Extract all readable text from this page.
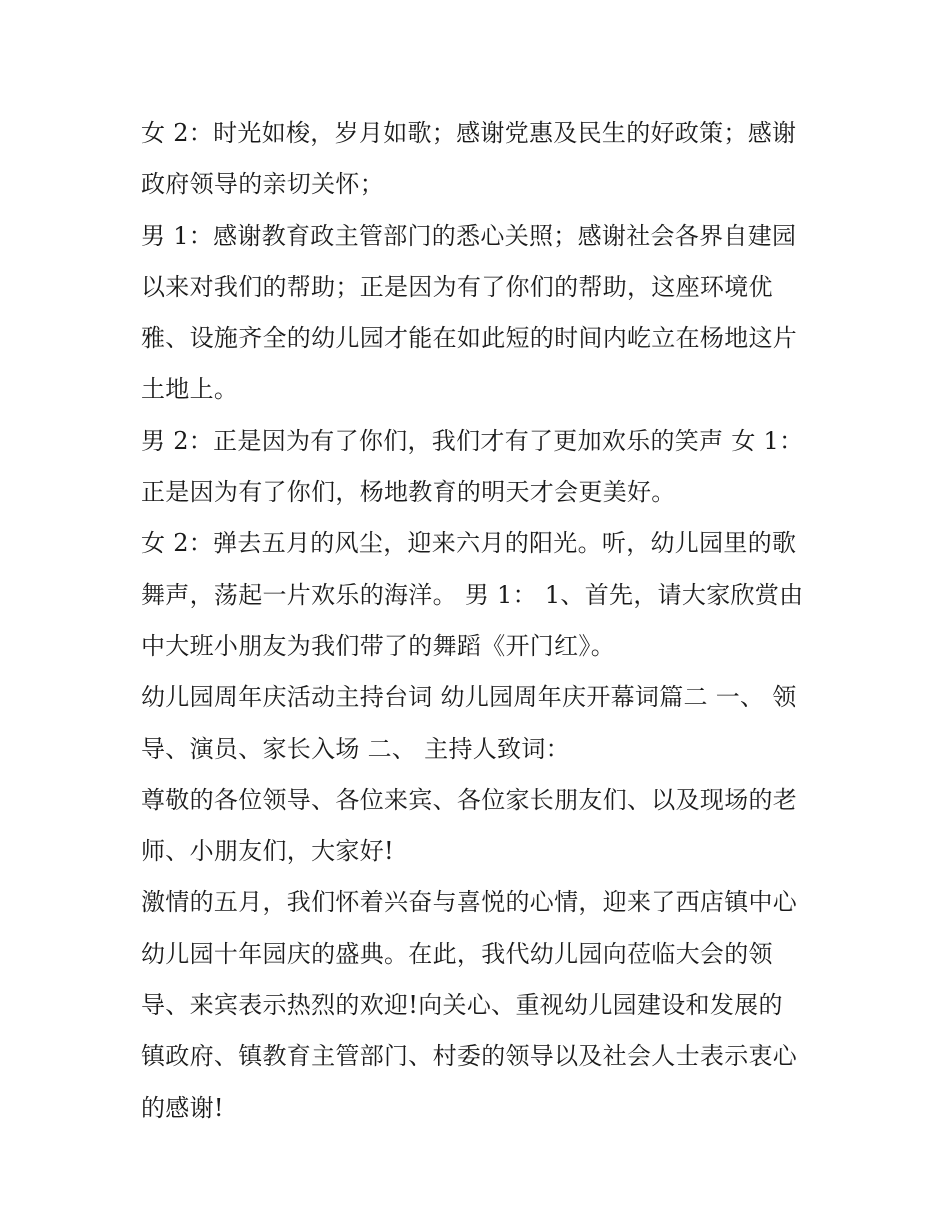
女 2：时光如梭，岁月如歌；感谢党惠及民生的好政策；感谢
政府领导的亲切关怀；

男 1：感谢教育政主管部门的悉心关照；感谢社会各界自建园
以来对我们的帮助；正是因为有了你们的帮助，这座环境优
雅、设施齐全的幼儿园才能在如此短的时间内屹立在杨地这片
土地上。

男 2：正是因为有了你们，我们才有了更加欢乐的笑声 女 1：
正是因为有了你们，杨地教育的明天才会更美好。

女 2：弹去五月的风尘，迎来六月的阳光。听，幼儿园里的歌
舞声，荡起一片欢乐的海洋。 男 1： 1、首先，请大家欣赏由
中大班小朋友为我们带了的舞蹈《开门红》。

幼儿园周年庆活动主持台词 幼儿园周年庆开幕词篇二 一、 领
导、演员、家长入场 二、 主持人致词：

尊敬的各位领导、各位来宾、各位家长朋友们、以及现场的老
师、小朋友们，大家好!

激情的五月，我们怀着兴奋与喜悦的心情，迎来了西店镇中心
幼儿园十年园庆的盛典。在此，我代幼儿园向莅临大会的领
导、来宾表示热烈的欢迎!向关心、重视幼儿园建设和发展的
镇政府、镇教育主管部门、村委的领导以及社会人士表示衷心
的感谢!
